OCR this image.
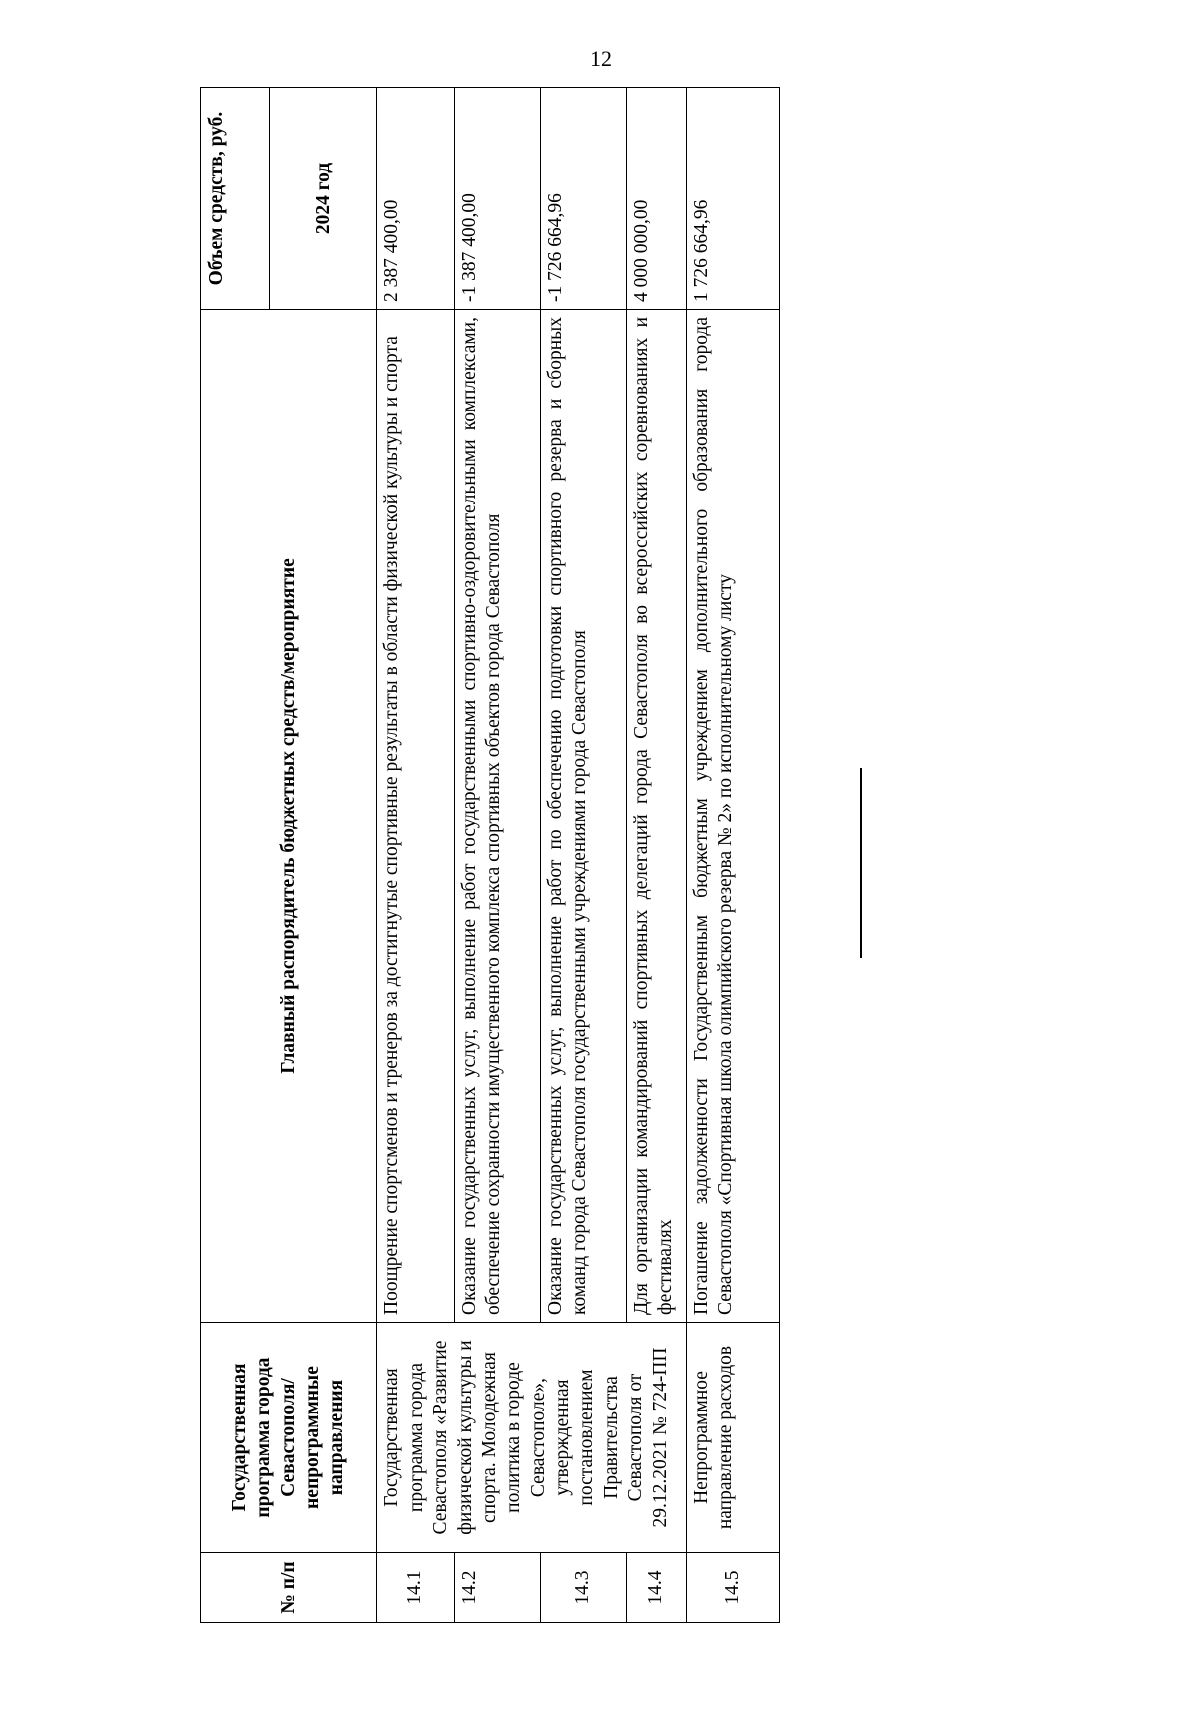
12
№ п/п	Государственная программа города Севастополя/ непрограммные направления	Главный распорядитель бюджетных средств/мероприятие	Объем средств, руб. 2024 год

14.1	Государственная программа города Севастополя «Развитие физической культуры и спорта. Молодежная политика в городе Севастополе», утвержденная постановлением Правительства Севастополя от 29.12.2021 № 724-ПП	Поощрение спортсменов и тренеров за достигнутые спортивные результаты в области физической культуры и спорта	2 387 400,00
14.2		Оказание государственных услуг, выполнение работ государственными спортивно-оздоровительными комплексами, обеспечение сохранности имущественного комплекса спортивных объектов города Севастополя	-1 387 400,00
14.3		Оказание государственных услуг, выполнение работ по обеспечению подготовки спортивного резерва и сборных команд города Севастополя государственными учреждениями города Севастополя	-1 726 664,96
14.4		Для организации командирований спортивных делегаций города Севастополя во всероссийских соревнованиях и фестивалях	4 000 000,00
14.5	Непрограммное направление расходов	Погашение задолженности Государственным бюджетным учреждением дополнительного образования города Севастополя «Спортивная школа олимпийского резерва № 2» по исполнительному листу	1 726 664,96
